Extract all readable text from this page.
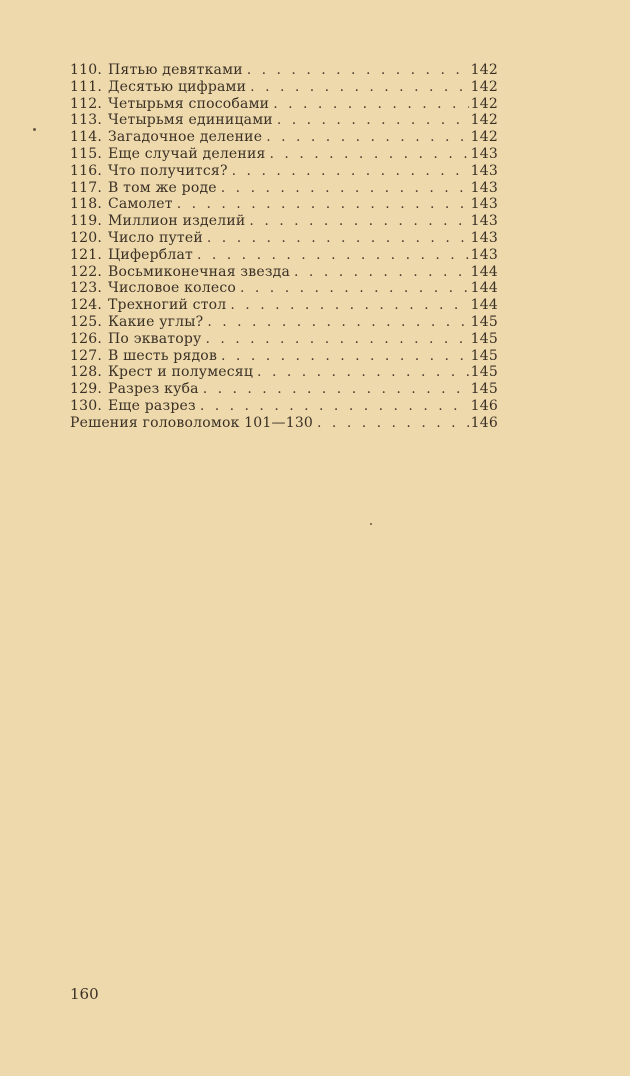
110. Пятью девятками . . .	142
111. Десятью цифрами . . .	142
112. Четырьмя способами . . .	142
113. Четырьмя единицами . . .	142
114. Загадочное деление . . .	142
115. Еще случай деления . . .	143
116. Что получится? . . .	143
117. В том же роде . . .	143
118. Самолет . . .	143
119. Миллион изделий . . .	143
120. Число путей . . .	143
121. Циферблат . . .	143
122. Восьмиконечная звезда . . .	144
123. Числовое колесо . . .	144
124. Трехногий стол . . .	144
125. Какие углы? . . .	145
126. По экватору . . .	145
127. В шесть рядов . . .	145
128. Крест и полумесяц . . .	145
129. Разрез куба . . .	145
130. Еще разрез . . .	146
Решения головоломок 101—130 . . .	146
160
